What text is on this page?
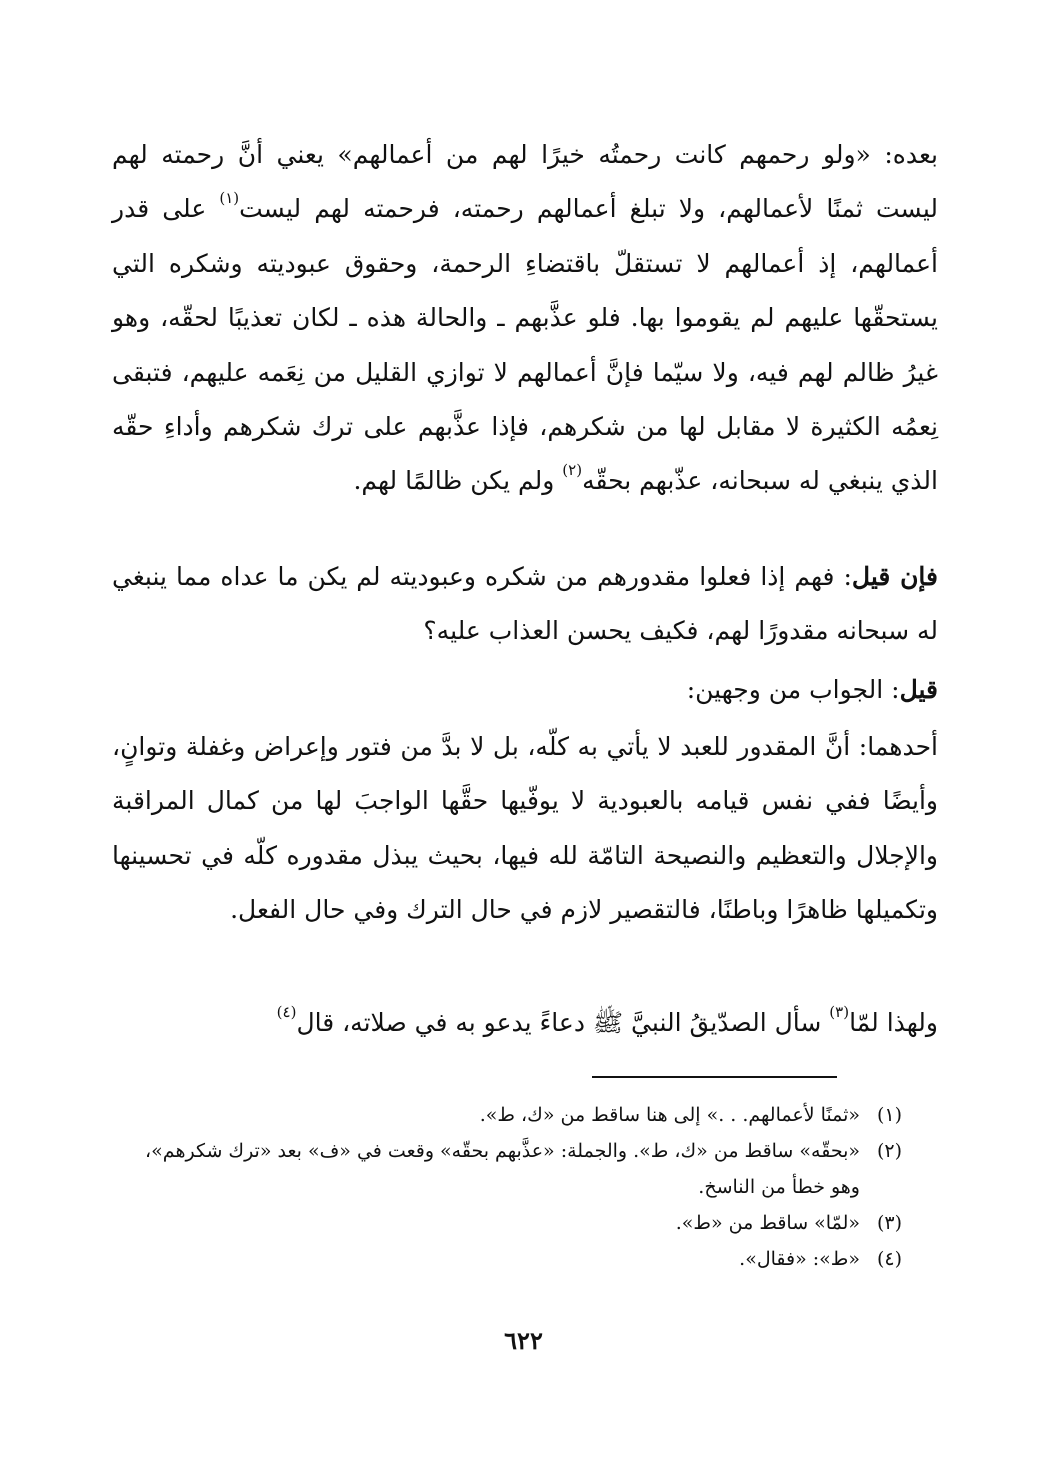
بعده: «ولو رحمهم كانت رحمتُه خيرًا لهم من أعمالهم» يعني أنَّ رحمته لهم ليست ثمنًا لأعمالهم، ولا تبلغ أعمالهم رحمته، فرحمته لهم ليست$^{(١)}$ على قدر أعمالهم، إذ أعمالهم لا تستقلّ باقتضاءِ الرحمة، وحقوق عبوديته وشكره التي يستحقّها عليهم لم يقوموا بها. فلو عذَّبهم ـ والحالة هذه ـ لكان تعذيبًا لحقّه، وهو غيرُ ظالم لهم فيه، ولا سيّما فإنَّ أعمالهم لا توازي القليل من نِعَمه عليهم، فتبقى نِعمُه الكثيرة لا مقابل لها من شكرهم، فإذا عذَّبهم على ترك شكرهم وأداءِ حقّه الذي ينبغي له سبحانه، عذّبهم بحقّه$^{(٢)}$ ولم يكن ظالمًا لهم.

فإن قيل: فهم إذا فعلوا مقدورهم من شكره وعبوديته لم يكن ما عداه مما ينبغي له سبحانه مقدورًا لهم، فكيف يحسن العذاب عليه؟

قيل: الجواب من وجهين:

أحدهما: أنَّ المقدور للعبد لا يأتي به كلّه، بل لا بدَّ من فتور وإعراض وغفلة وتوانٍ، وأيضًا ففي نفس قيامه بالعبودية لا يوفّيها حقَّها الواجبَ لها من كمال المراقبة والإجلال والتعظيم والنصيحة التامّة لله فيها، بحيث يبذل مقدوره كلّه في تحسينها وتكميلها ظاهرًا وباطنًا، فالتقصير لازم في حال الترك وفي حال الفعل.

ولهذا لمّا$^{(٣)}$ سأل الصدّيقُ النبيَّ ﷺ دعاءً يدعو به في صلاته، قال$^{(٤)}$

(١)
«ثمنًا لأعمالهم. . .» إلى هنا ساقط من «ك، ط».
(٢)
«بحقّه» ساقط من «ك، ط». والجملة: «عذَّبهم بحقّه» وقعت في «ف» بعد «ترك شكرهم»، وهو خطأ من الناسخ.
(٣)
«لمّا» ساقط من «ط».
(٤)
«ط»: «فقال».
٦٢٢
